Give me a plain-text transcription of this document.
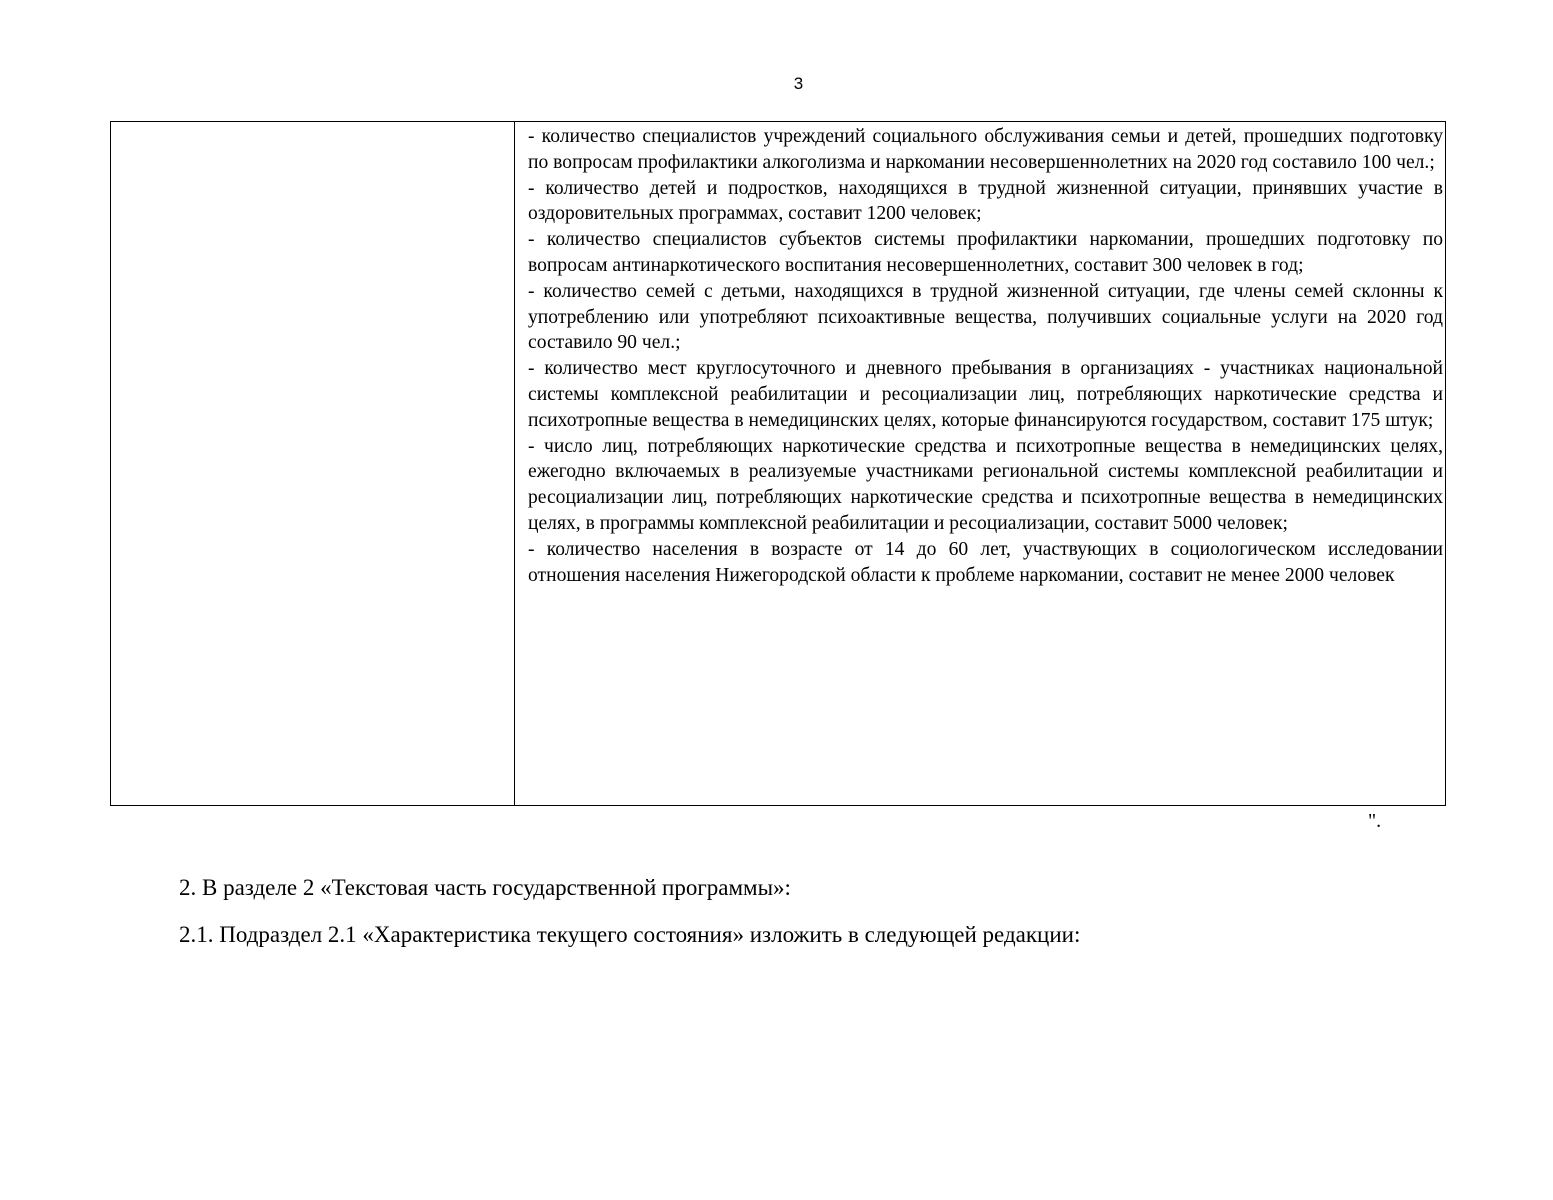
3

- количество специалистов учреждений социального обслуживания семьи и детей, прошедших подготовку по вопросам профилактики алкоголизма и наркомании несовершеннолетних на 2020 год составило 100 чел.;

- количество детей и подростков, находящихся в трудной жизненной ситуации, принявших участие в оздоровительных программах, составит 1200 человек;

- количество специалистов субъектов системы профилактики наркомании, прошедших подготовку по вопросам антинаркотического воспитания несовершеннолетних, составит 300 человек в год;

- количество семей с детьми, находящихся в трудной жизненной ситуации, где члены семей склонны к употреблению или употребляют психоактивные вещества, получивших социальные услуги на 2020 год составило 90 чел.;

- количество мест круглосуточного и дневного пребывания в организациях - участниках национальной системы комплексной реабилитации и ресоциализации лиц, потребляющих наркотические средства и психотропные вещества в немедицинских целях, которые финансируются государством, составит 175 штук;

- число лиц, потребляющих наркотические средства и психотропные вещества в немедицинских целях, ежегодно включаемых в реализуемые участниками региональной системы комплексной реабилитации и ресоциализации лиц, потребляющих наркотические средства и психотропные вещества в немедицинских целях, в программы комплексной реабилитации и ресоциализации, составит 5000 человек;

- количество населения в возрасте от 14 до 60 лет, участвующих в социологическом исследовании отношения населения Нижегородской области к проблеме наркомании, составит не менее 2000 человек

".
2. В разделе 2 «Текстовая часть государственной программы»:
2.1. Подраздел 2.1 «Характеристика текущего состояния» изложить в следующей редакции:
